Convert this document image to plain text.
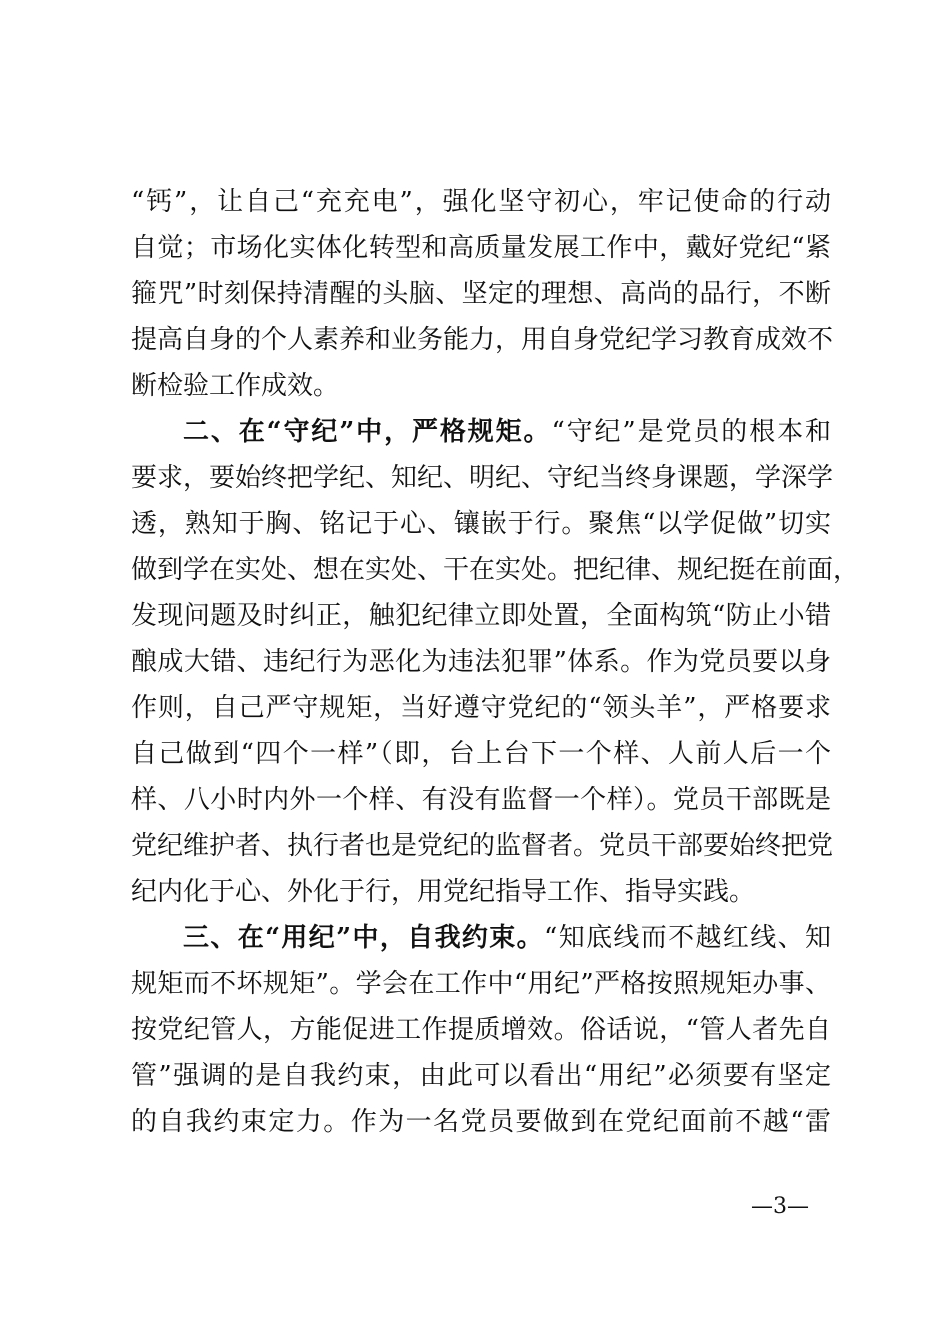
“钙”，让自己“充充电”，强化坚守初心，牢记使命的行动
自觉；市场化实体化转型和高质量发展工作中，戴好党纪“紧
箍咒”时刻保持清醒的头脑、坚定的理想、高尚的品行，不断
提高自身的个人素养和业务能力，用自身党纪学习教育成效不
断检验工作成效。
二、在“守纪”中，严格规矩。“守纪”是党员的根本和
要求，要始终把学纪、知纪、明纪、守纪当终身课题，学深学
透，熟知于胸、铭记于心、镶嵌于行。聚焦“以学促做”切实
做到学在实处、想在实处、干在实处。把纪律、规纪挺在前面，
发现问题及时纠正，触犯纪律立即处置，全面构筑“防止小错
酿成大错、违纪行为恶化为违法犯罪”体系。作为党员要以身
作则，自己严守规矩，当好遵守党纪的“领头羊”，严格要求
自己做到“四个一样”（即，台上台下一个样、人前人后一个
样、八小时内外一个样、有没有监督一个样）。党员干部既是
党纪维护者、执行者也是党纪的监督者。党员干部要始终把党
纪内化于心、外化于行，用党纪指导工作、指导实践。
三、在“用纪”中，自我约束。“知底线而不越红线、知
规矩而不坏规矩”。学会在工作中“用纪”严格按照规矩办事、
按党纪管人，方能促进工作提质增效。俗话说，“管人者先自
管”强调的是自我约束，由此可以看出“用纪”必须要有坚定
的自我约束定力。作为一名党员要做到在党纪面前不越“雷
—3—
